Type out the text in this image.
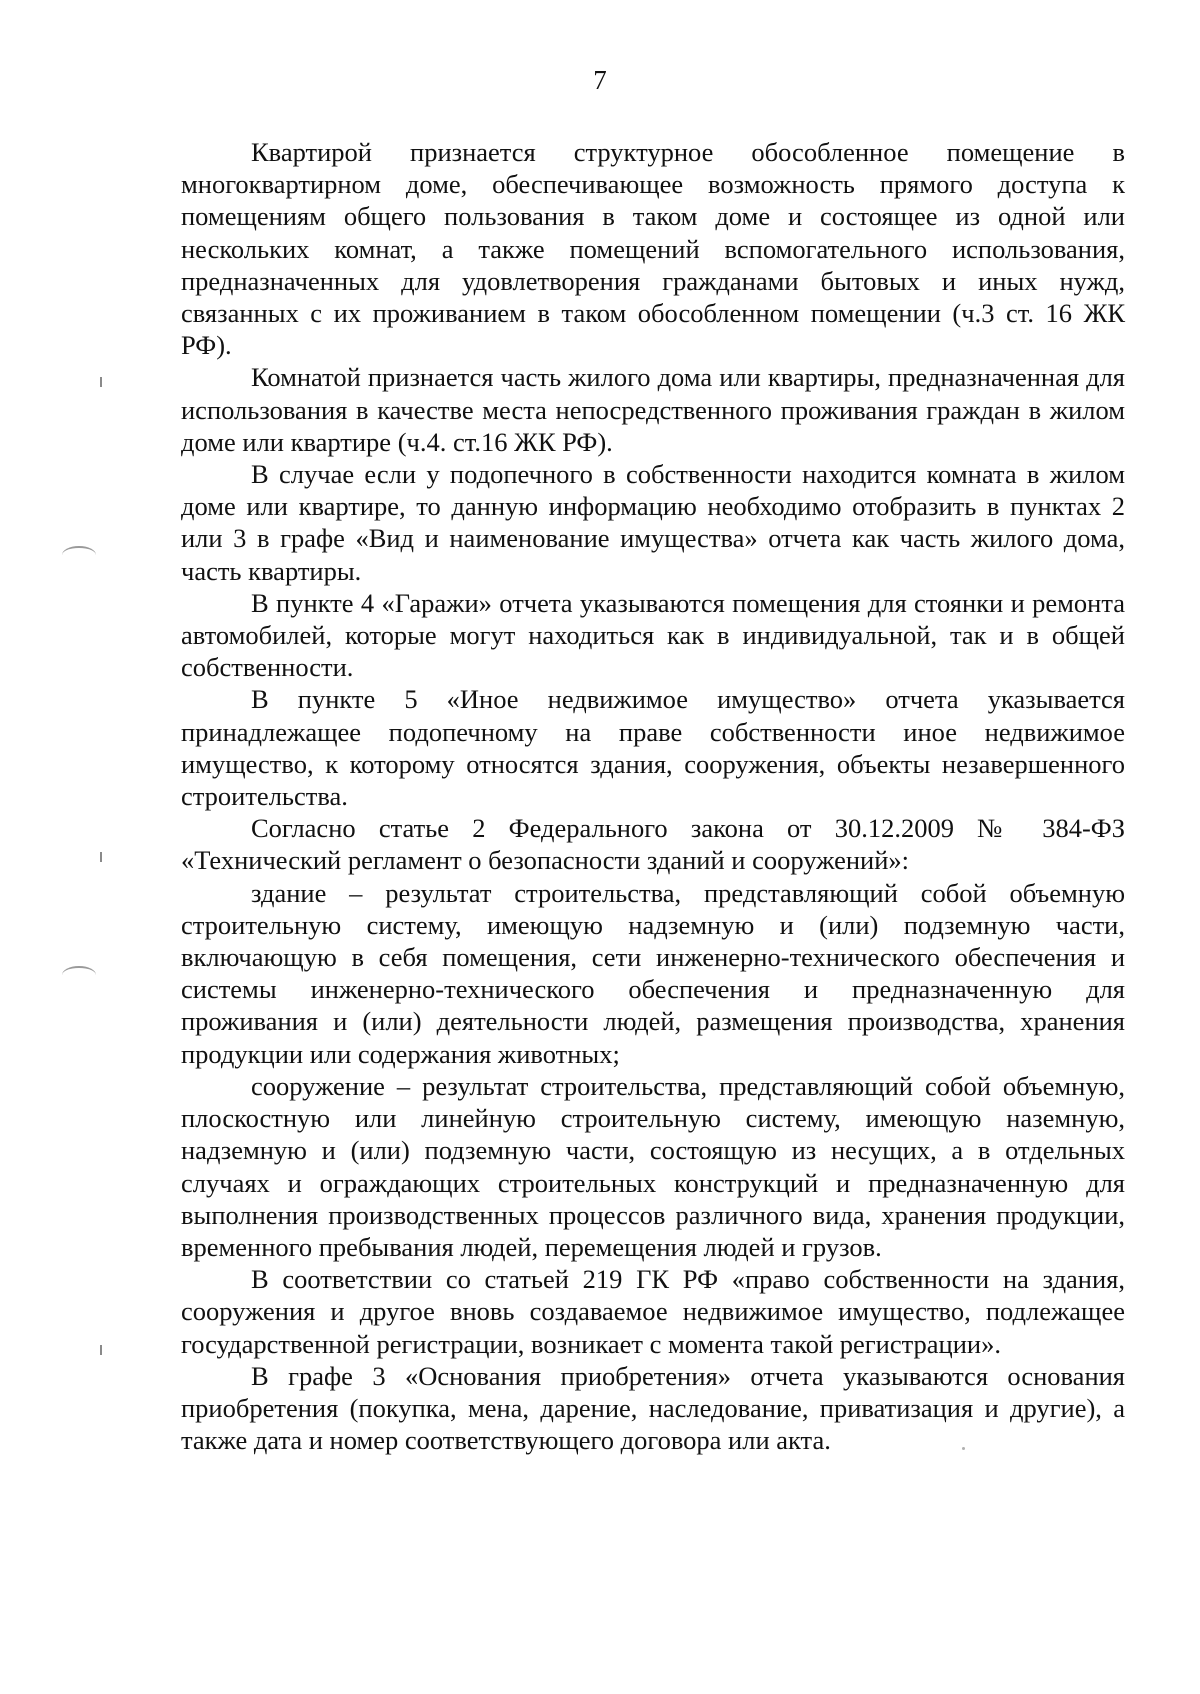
7

Квартирой признается структурное обособленное помещение в многоквартирном доме, обеспечивающее возможность прямого доступа к помещениям общего пользования в таком доме и состоящее из одной или нескольких комнат, а также помещений вспомогательного использования, предназначенных для удовлетворения гражданами бытовых и иных нужд, связанных с их проживанием в таком обособленном помещении (ч.3 ст. 16 ЖК РФ).

Комнатой признается часть жилого дома или квартиры, предназначенная для использования в качестве места непосредственного проживания граждан в жилом доме или квартире (ч.4. ст.16 ЖК РФ).

В случае если у подопечного в собственности находится комната в жилом доме или квартире, то данную информацию необходимо отобразить в пунктах 2 или 3 в графе «Вид и наименование имущества» отчета как часть жилого дома, часть квартиры.

В пункте 4 «Гаражи» отчета указываются помещения для стоянки и ремонта автомобилей, которые могут находиться как в индивидуальной, так и в общей собственности.

В пункте 5 «Иное недвижимое имущество» отчета указывается принадлежащее подопечному на праве собственности иное недвижимое имущество, к которому относятся здания, сооружения, объекты незавершенного строительства.

Согласно статье 2 Федерального закона от 30.12.2009 № 384-ФЗ «Технический регламент о безопасности зданий и сооружений»:

здание – результат строительства, представляющий собой объемную строительную систему, имеющую надземную и (или) подземную части, включающую в себя помещения, сети инженерно-технического обеспечения и системы инженерно-технического обеспечения и предназначенную для проживания и (или) деятельности людей, размещения производства, хранения продукции или содержания животных;

сооружение – результат строительства, представляющий собой объемную, плоскостную или линейную строительную систему, имеющую наземную, надземную и (или) подземную части, состоящую из несущих, а в отдельных случаях и ограждающих строительных конструкций и предназначенную для выполнения производственных процессов различного вида, хранения продукции, временного пребывания людей, перемещения людей и грузов.

В соответствии со статьей 219 ГК РФ «право собственности на здания, сооружения и другое вновь создаваемое недвижимое имущество, подлежащее государственной регистрации, возникает с момента такой регистрации».

В графе 3 «Основания приобретения» отчета указываются основания приобретения (покупка, мена, дарение, наследование, приватизация и другие), а также дата и номер соответствующего договора или акта.
